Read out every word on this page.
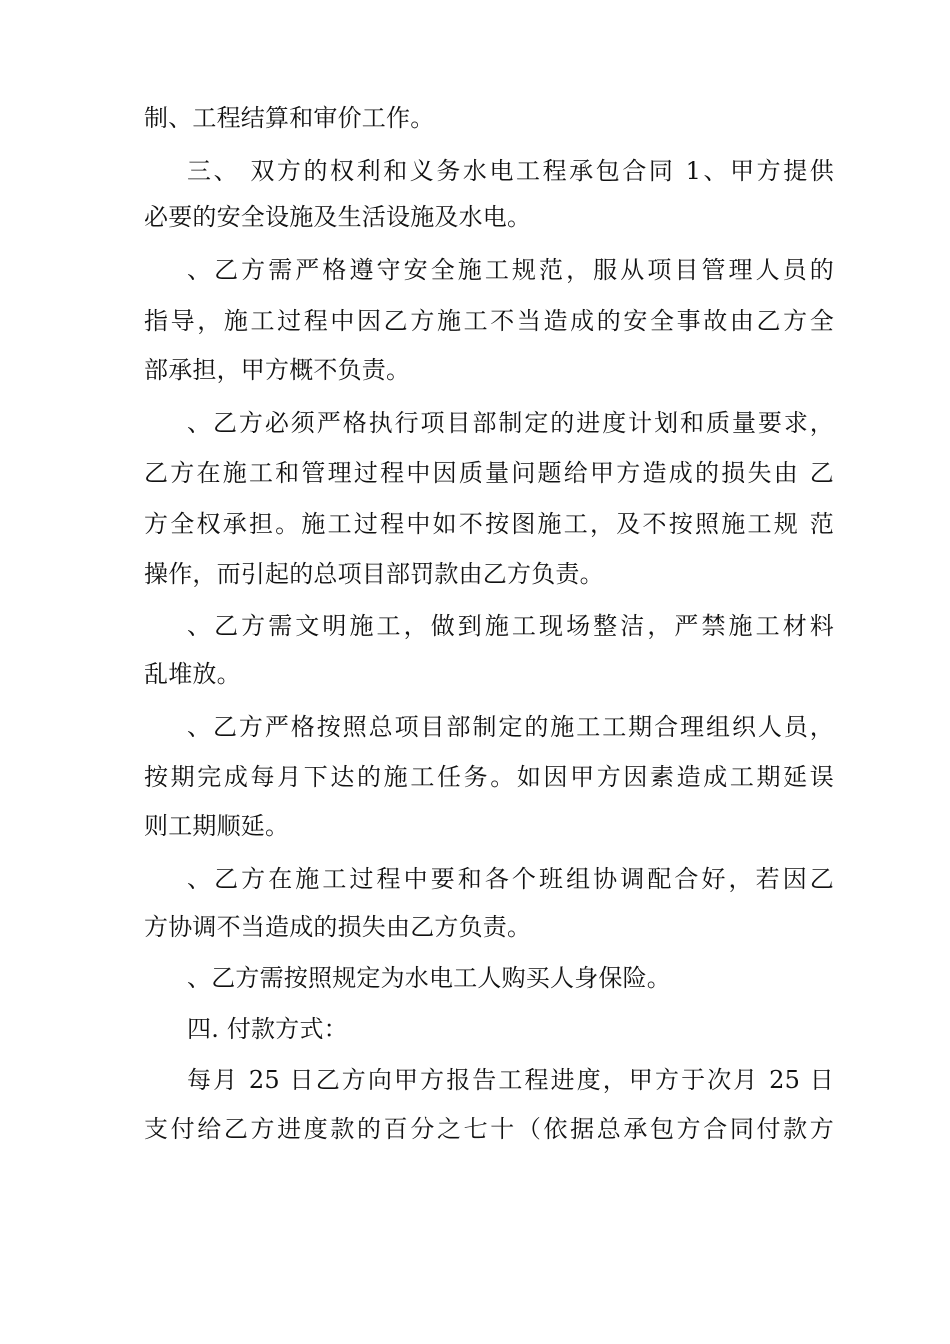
制、工程结算和审价工作。
三、 双方的权利和义务水电工程承包合同 1、甲方提供
必要的安全设施及生活设施及水电。
、乙方需严格遵守安全施工规范，服从项目管理人员的
指导，施工过程中因乙方施工不当造成的安全事故由乙方全
部承担，甲方概不负责。
、乙方必须严格执行项目部制定的进度计划和质量要求，
乙方在施工和管理过程中因质量问题给甲方造成的损失由 乙
方全权承担。施工过程中如不按图施工，及不按照施工规 范
操作，而引起的总项目部罚款由乙方负责。
、乙方需文明施工，做到施工现场整洁，严禁施工材料
乱堆放。
、乙方严格按照总项目部制定的施工工期合理组织人员，
按期完成每月下达的施工任务。如因甲方因素造成工期延误
则工期顺延。
、乙方在施工过程中要和各个班组协调配合好，若因乙
方协调不当造成的损失由乙方负责。
、乙方需按照规定为水电工人购买人身保险。
四. 付款方式：
每月 25 日乙方向甲方报告工程进度，甲方于次月 25 日
支付给乙方进度款的百分之七十（依据总承包方合同付款方
